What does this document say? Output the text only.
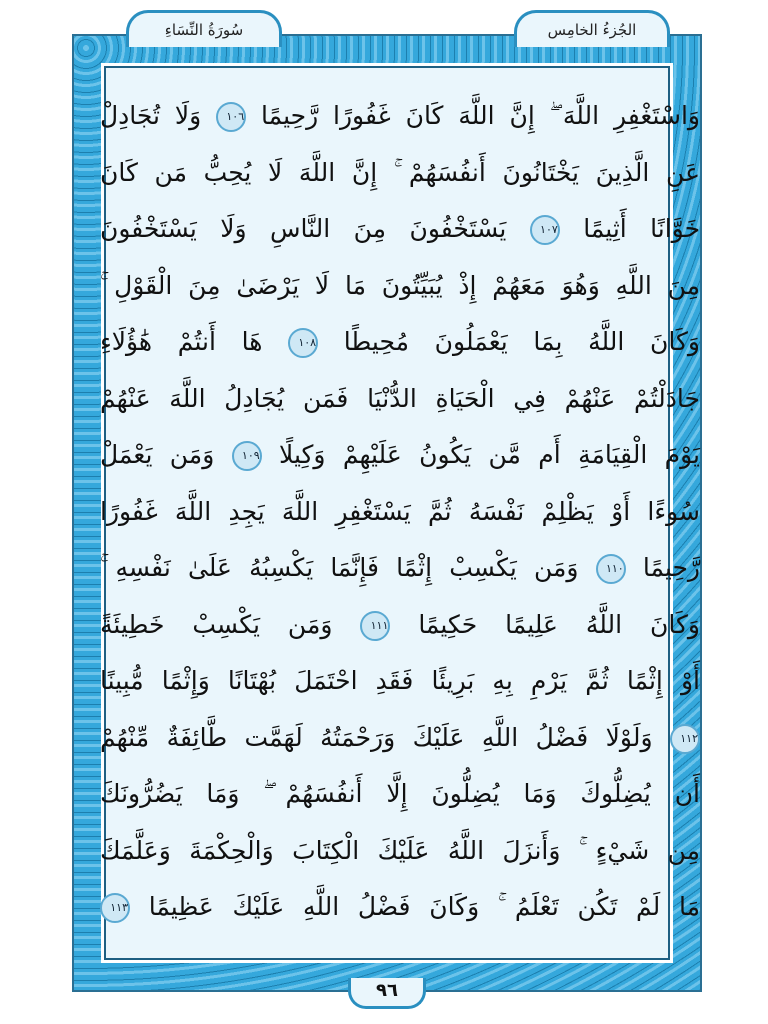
الجُزءُ الخامِس
سُورَةُ النِّسَاءِ
وَاسْتَغْفِرِ اللَّهَ ۖ إِنَّ اللَّهَ كَانَ غَفُورًا رَّحِيمًا ١٠٦ وَلَا تُجَادِلْ
عَنِ الَّذِينَ يَخْتَانُونَ أَنفُسَهُمْ ۚ إِنَّ اللَّهَ لَا يُحِبُّ مَن كَانَ
خَوَّانًا أَثِيمًا ١٠٧ يَسْتَخْفُونَ مِنَ النَّاسِ وَلَا يَسْتَخْفُونَ
مِنَ اللَّهِ وَهُوَ مَعَهُمْ إِذْ يُبَيِّتُونَ مَا لَا يَرْضَىٰ مِنَ الْقَوْلِ ۚ
وَكَانَ اللَّهُ بِمَا يَعْمَلُونَ مُحِيطًا ١٠٨ هَا أَنتُمْ هَٰؤُلَاءِ
جَادَلْتُمْ عَنْهُمْ فِي الْحَيَاةِ الدُّنْيَا فَمَن يُجَادِلُ اللَّهَ عَنْهُمْ
يَوْمَ الْقِيَامَةِ أَم مَّن يَكُونُ عَلَيْهِمْ وَكِيلًا ١٠٩ وَمَن يَعْمَلْ
سُوءًا أَوْ يَظْلِمْ نَفْسَهُ ثُمَّ يَسْتَغْفِرِ اللَّهَ يَجِدِ اللَّهَ غَفُورًا
رَّحِيمًا ١١٠ وَمَن يَكْسِبْ إِثْمًا فَإِنَّمَا يَكْسِبُهُ عَلَىٰ نَفْسِهِ ۚ
وَكَانَ اللَّهُ عَلِيمًا حَكِيمًا ١١١ وَمَن يَكْسِبْ خَطِيئَةً
أَوْ إِثْمًا ثُمَّ يَرْمِ بِهِ بَرِيئًا فَقَدِ احْتَمَلَ بُهْتَانًا وَإِثْمًا مُّبِينًا
١١٢ وَلَوْلَا فَضْلُ اللَّهِ عَلَيْكَ وَرَحْمَتُهُ لَهَمَّت طَّائِفَةٌ مِّنْهُمْ
أَن يُضِلُّوكَ وَمَا يُضِلُّونَ إِلَّا أَنفُسَهُمْ ۖ وَمَا يَضُرُّونَكَ
مِن شَيْءٍ ۚ وَأَنزَلَ اللَّهُ عَلَيْكَ الْكِتَابَ وَالْحِكْمَةَ وَعَلَّمَكَ
مَا لَمْ تَكُن تَعْلَمُ ۚ وَكَانَ فَضْلُ اللَّهِ عَلَيْكَ عَظِيمًا ١١٣
٩٦
